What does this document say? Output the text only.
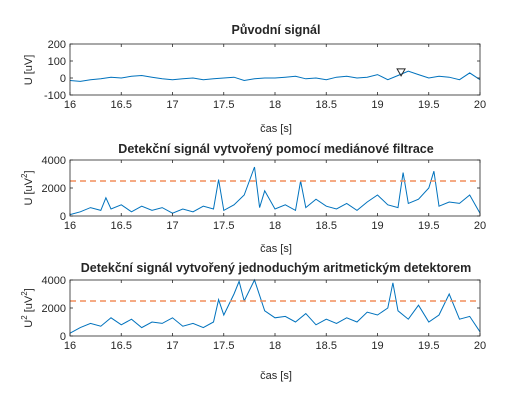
Původní signál
16	16.5	17	17.5	18	18.5	19	19.5	20
-100
0
100
200
čas [s]
U [uV]
Detekční signál vytvořený pomocí mediánové filtrace
16	16.5	17	17.5	18	18.5	19	19.5	20
0
2000
4000
čas [s]
U $[uV^2]$
Detekční signál vytvořený jednoduchým aritmetickým detektorem
16	16.5	17	17.5	18	18.5	19	19.5	20
0
2000
4000
čas [s]
$U^2$ $[uV^2]$
